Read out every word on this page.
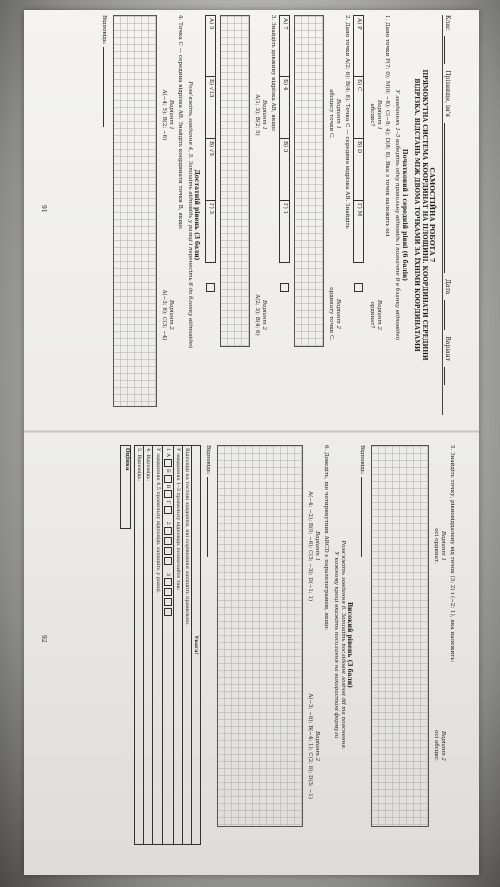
Клас
Прізвище, ім'я
Дата
Варіант
САМОСТІЙНА РОБОТА 7
ПРЯМОКУТНА СИСТЕМА КООРДИНАТ НА ПЛОЩИНІ. КООРДИНАТИ СЕРЕДИНИ
ВІДРІЗКА. ВІДСТАНЬ МІЖ ДВОМА ТОЧКАМИ ЗА ЇХНІМИ КООРДИНАТАМИ
Початковий і середній рівні (6 балів)
У завданнях 1–3 виберіть одну правильну відповідь і позначте її в бланку відповідей
1. Дано точки P(7; 0); M(0; −8); C(−8; 4); D(8; 8). Яка з точок належить осі
Варіант 1
абсцис?
Варіант 2
ординат?
А) P
Б) C
В) D
Г) M
2. Дано точки A(2; 6); B(4; 8). Точка C — середина відрізка AB. Знайдіть
Варіант 1
абсцису точки C.
Варіант 2
ординату точки C.
А) 7
Б) 4
В) 3
Г) 1
3. Знайдіть довжину відрізка AB, якщо:
Варіант 1
A(1; 3); B(2; 5)
Варіант 2
A(2; 3); B(4; 6)
А) 5
Б) √13
В) √5
Г) 3
Достатній рівень (3 бали)
Розв'яжіть завдання 4, 5. Запишіть відповідь у рамці і перенесіть її до бланку відповідей
4. Точка C — середина відрізка AB. Знайдіть координати точки B, якщо:
Варіант 1
A(−4; 5); B(2; −6)
Варіант 2
A(−3; 8); C(3; −4)
Відповідь:
91
5. Знайдіть точку, рівновіддалену від точок (3; 2) і (−2; 1), яка належить:
Варіант 1
осі ординат.
Варіант 2
осі абсцис.
Відповідь:
Високий рівень (3 бали)
Розв'яжіть завдання 6. Запишіть послідовні логічні дії та пояснення.
У кожному кроці вкажіть посилання на використані формули
6. Доведіть, що чотирикутник ABCD є паралелограмом, якщо:
Варіант 1
A(−4; −2); B(0; −6); C(3; −3); D(−1; 1)
Варіант 2
A(−3; −8); B(−4; 1); C(2; 8); D(3; −1)
Відповідь:
Увага!
Відповіді на тестові завдання, які порівняння запишіть правильно.
У завданнях 1–3 правильну відповідь позначайте так:
1
А
Б
В
Г
2
3
У завданнях 4,5 правильну відповідь запишіть у рамці.
4. Відповідь:
5. Відповідь:
Оцінка
92
